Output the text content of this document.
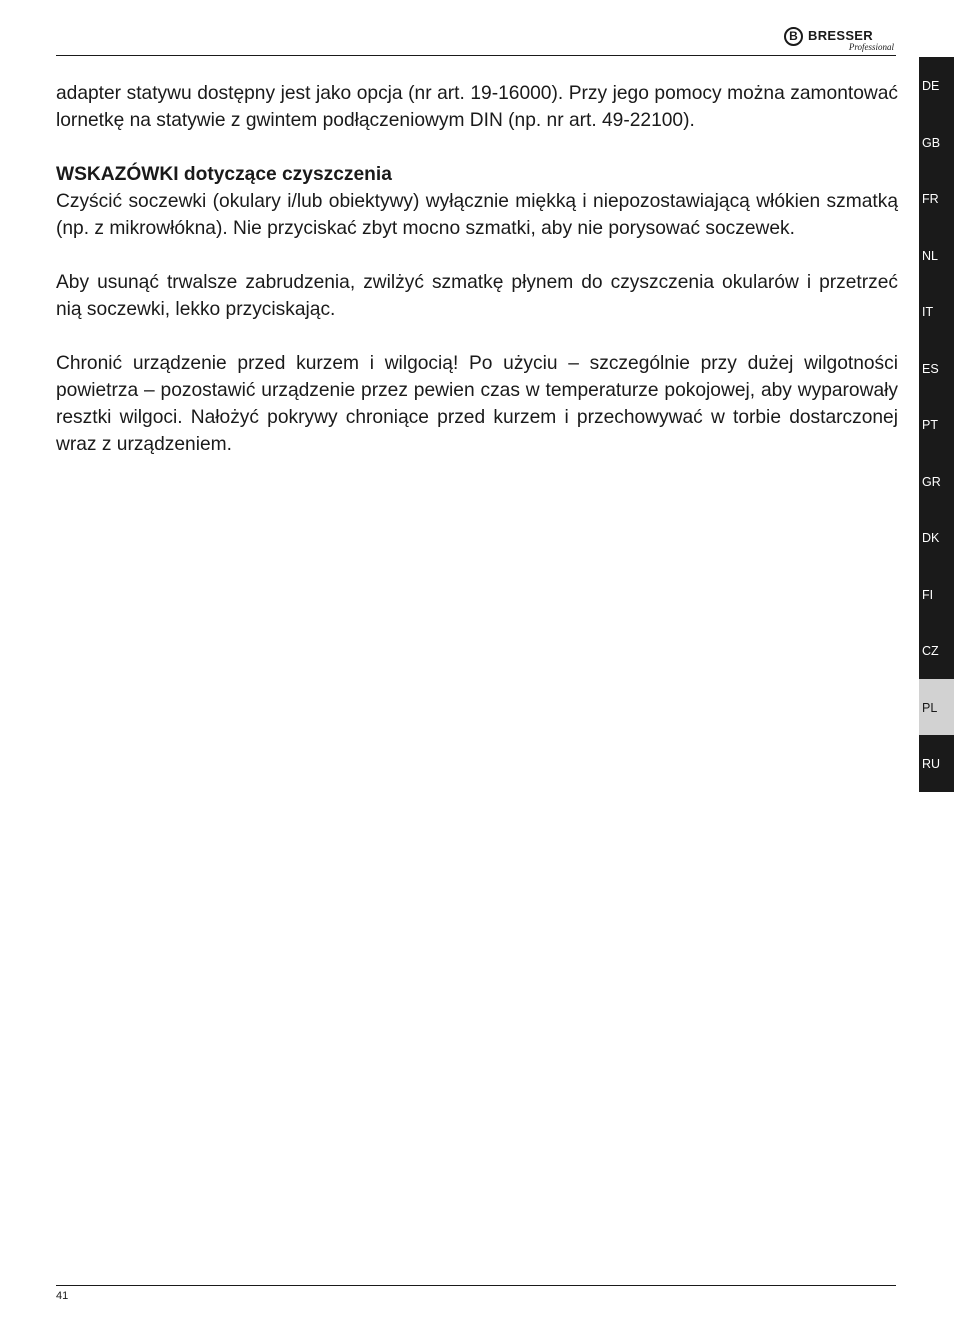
B BRESSER
Professional

adapter statywu dostępny jest jako opcja (nr art. 19-16000). Przy jego pomocy można zamontować lornetkę na statywie z gwintem podłączeniowym DIN (np. nr art. 49-22100).

WSKAZÓWKI dotyczące czyszczenia

Czyścić soczewki (okulary i/lub obiektywy) wyłącznie miękką i niepozostawiającą włókien szmatką (np. z mikrowłókna). Nie przyciskać zbyt mocno szmatki, aby nie porysować soczewek.

Aby usunąć trwalsze zabrudzenia, zwilżyć szmatkę płynem do czyszczenia okularów i przetrzeć nią soczewki, lekko przyciskając.

Chronić urządzenie przed kurzem i wilgocią! Po użyciu – szczególnie przy dużej wilgotności powietrza – pozostawić urządzenie przez pewien czas w temperaturze pokojowej, aby wyparowały resztki wilgoci. Nałożyć pokrywy chroniące przed kurzem i przechowywać w torbie dostarczonej wraz z urządzeniem.

DE
GB
FR
NL
IT
ES
PT
GR
DK
FI
CZ
PL
RU
41
